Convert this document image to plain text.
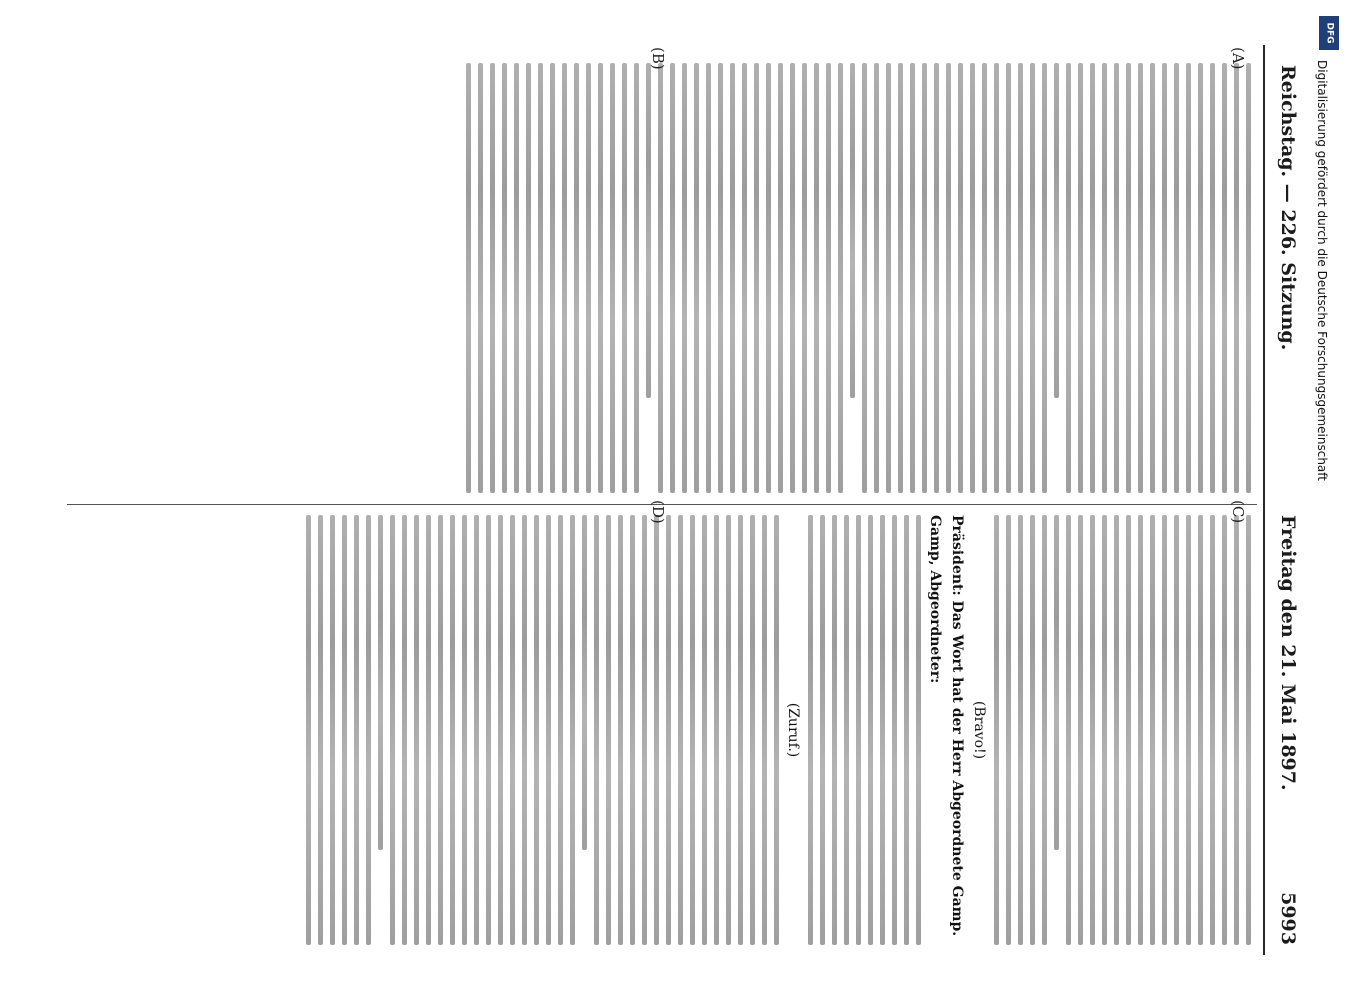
Reichstag. — 226. Sitzung.
Freitag den 21. Mai 1897.
5993
(Bravo!)
Präsident: Das Wort hat der Herr Abgeordnete Gamp.
Gamp, Abgeordneter:
(Zuruf.)
(A)
(B)
(C)
(D)
DFG
Digitalisierung gefördert durch die Deutsche Forschungsgemeinschaft
